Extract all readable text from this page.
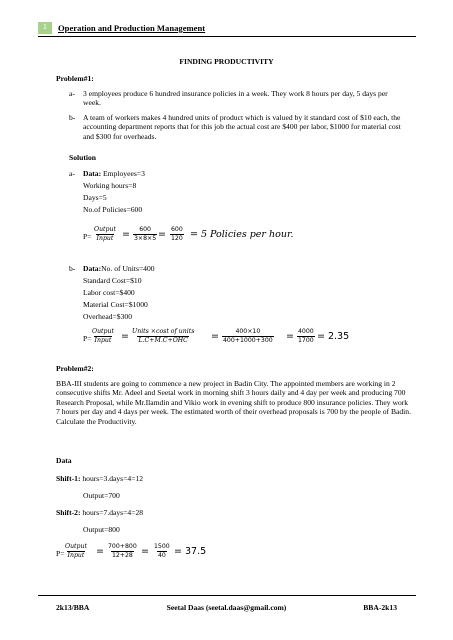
1	Operation and Production Management
FINDING PRODUCTIVITY
Problem#1:
a- 3 employees produce 6 hundred insurance policies in a week. They work 8 hours per day, 5 days per week.
b- A team of workers makes 4 hundred units of product which is valued by it standard cost of $10 each, the accounting department reports that for this job the actual cost are $400 per labor, $1000 for material cost and $300 for overheads.
Solution
a- Data: Employees=3
Working hours=8
Days=5
No.of Policies=600
P=
Output
Input = $\frac{600}{3\times 8\times 5} = \frac{600}{120} = 5$ Policies per hour.
b- Data:No. of Units=400
Standard Cost=$10
Labor cost=$400
Material Cost=$1000
Overhead=$300
P=
Output
Input = Units ×cost of units
$L.C+M.C+OHC = \frac{400\times 10}{400+1000+300} = \frac{4000}{1700} = 2.35$
Problem#2:
BBA-III students are going to commence a new project in Badin City. The appointed members are working in 2 consecutive shifts Mr. Adeel and Seetal work in morning shift 3 hours daily and 4 day per week and producing 700 Research Proposal, while Mr.Ilamdin and Vikio work in evening shift to produce 800 insurance policies. They work 7 hours per day and 4 days per week. The estimated worth of their overhead proposals is 700 by the people of Badin. Calculate the Productivity.
Data
Shift-1: hours=3.days=4=12
Output=700
Shift-2: hours=7.days=4=28
Output=800
P=
Output
Input = $\frac{700+800}{12+28} = \frac{1500}{40} = 37.5$
2k13/BBA	Seetal Daas (seetal.daas@gmail.com)	BBA-2k13
